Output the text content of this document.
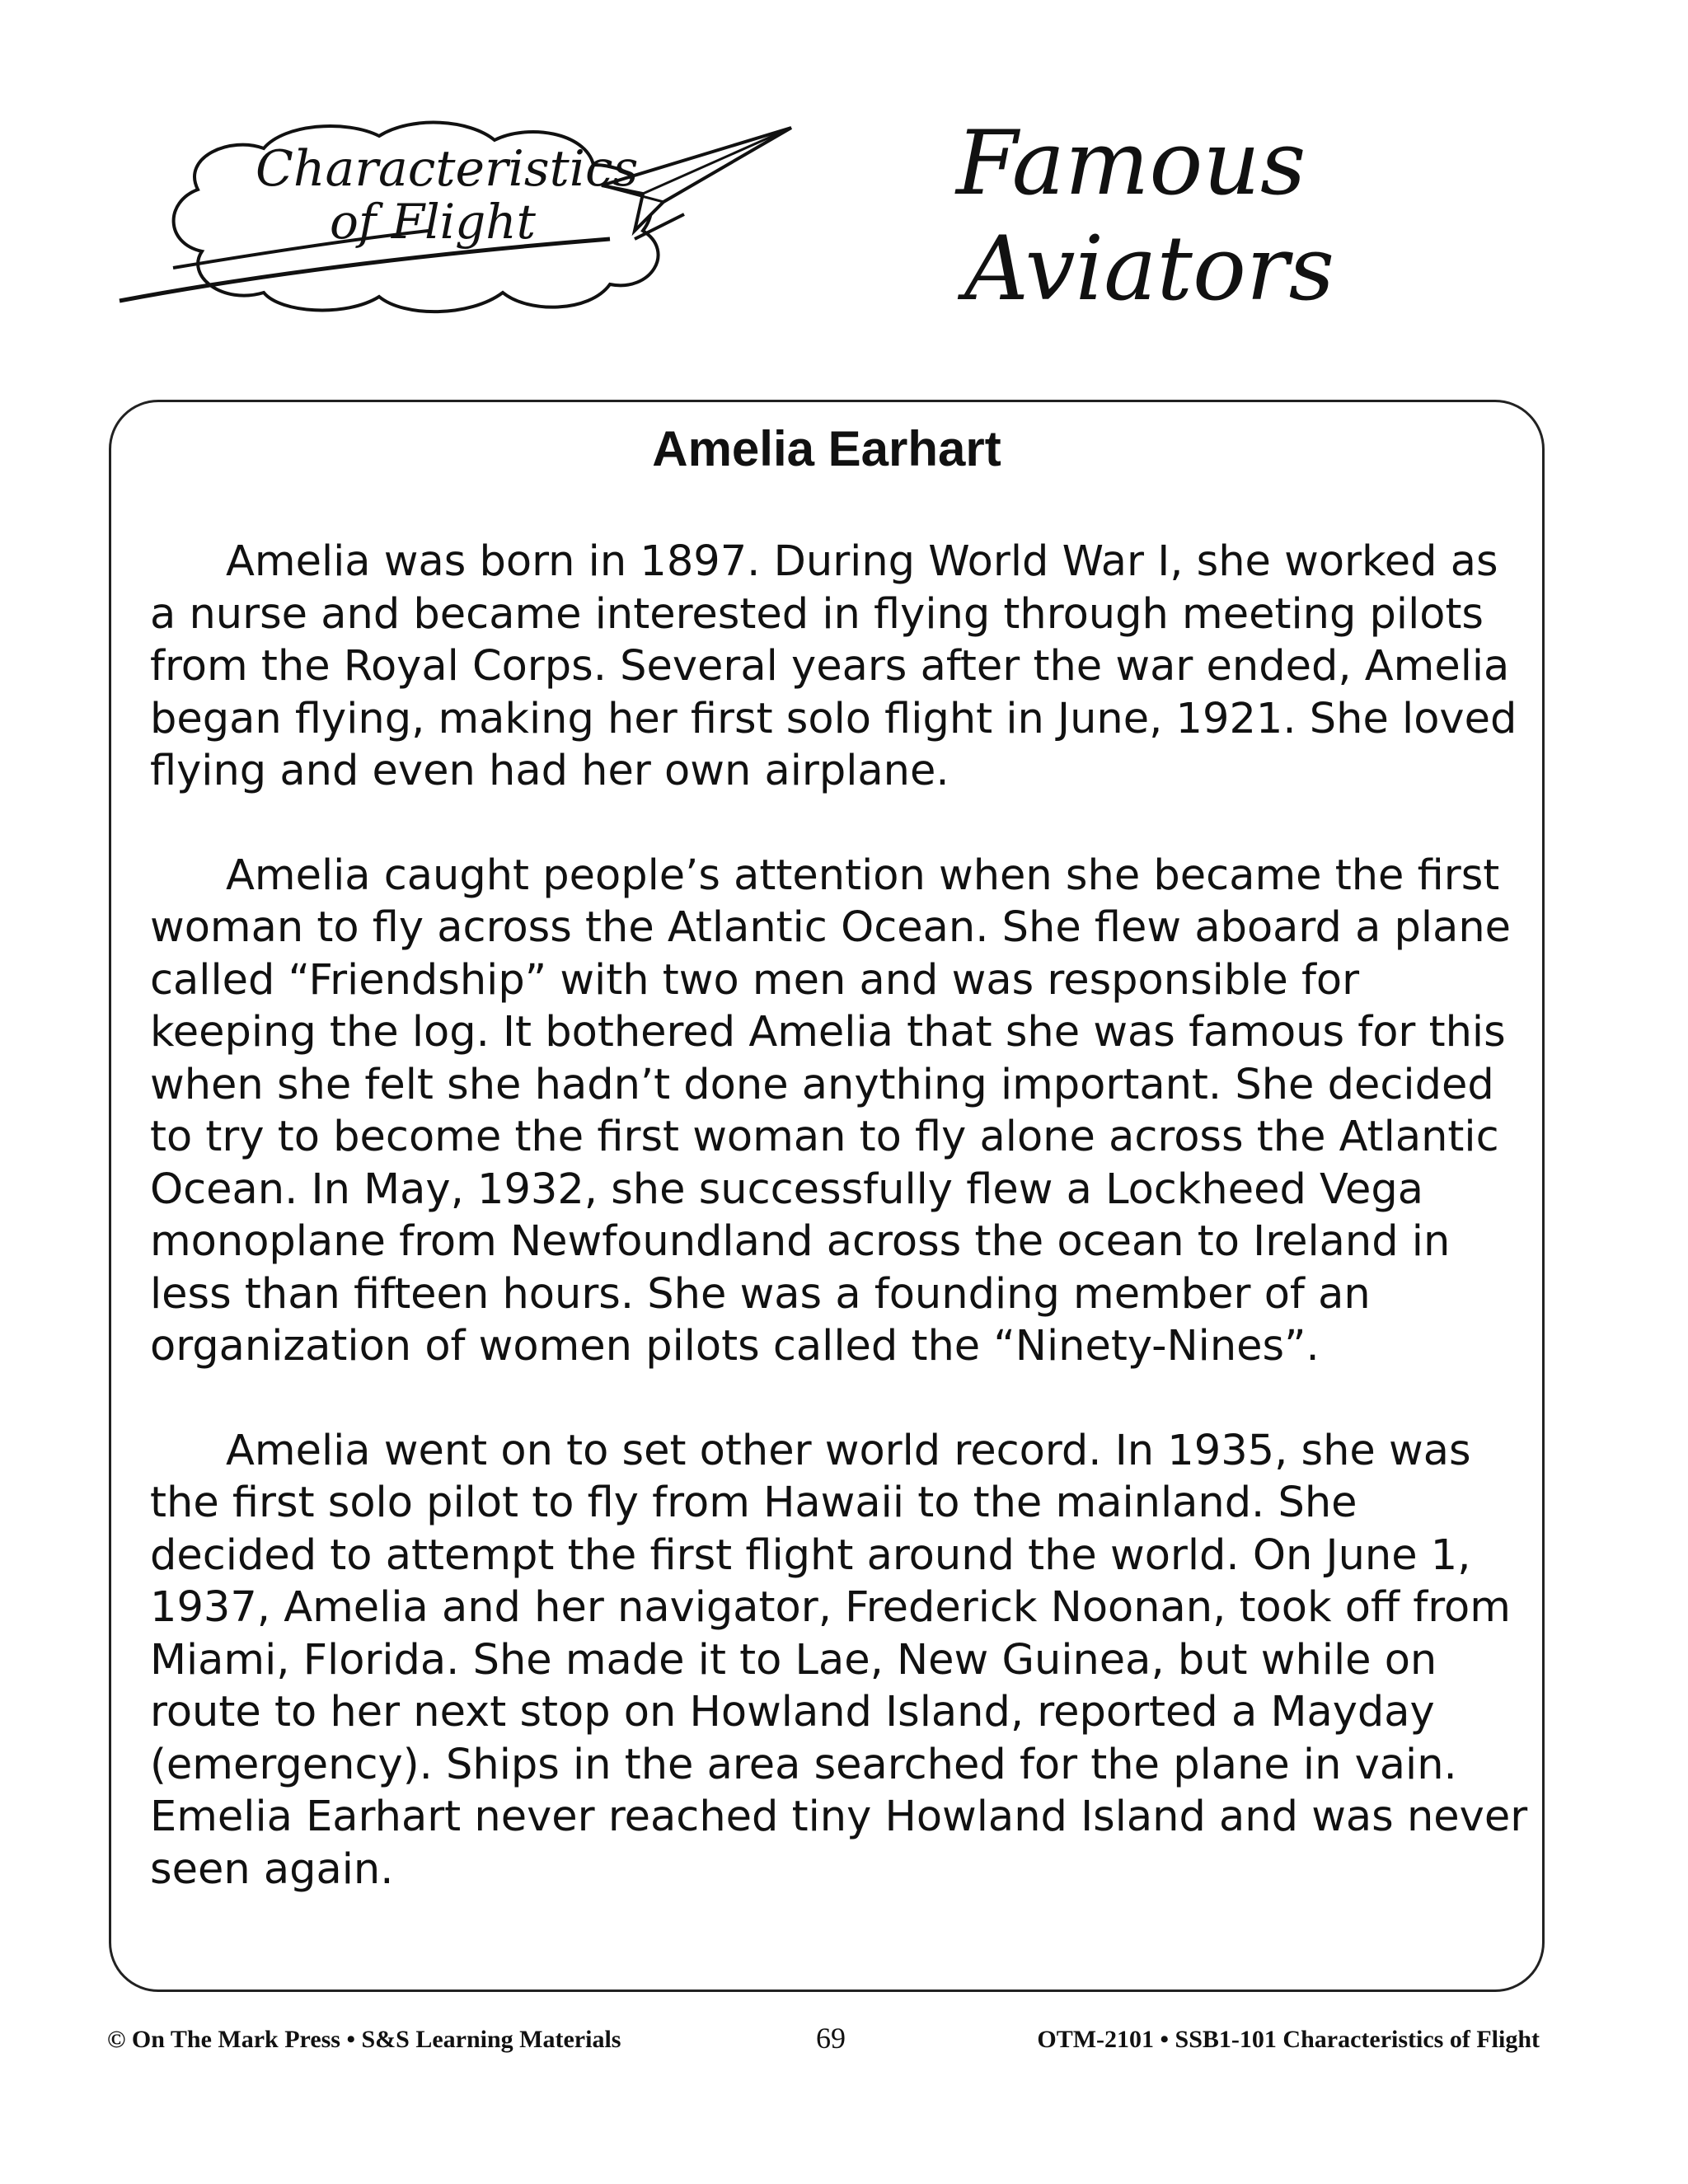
Characteristics
of Flight
Famous
Aviators
Amelia Earhart

Amelia was born in 1897. During World War I, she worked as a nurse and became interested in flying through meeting pilots from the Royal Corps. Several years after the war ended, Amelia began flying, making her first solo flight in June, 1921. She loved flying and even had her own airplane.

Amelia caught people’s attention when she became the first woman to fly across the Atlantic Ocean. She flew aboard a plane called “Friendship” with two men and was responsible for keeping the log. It bothered Amelia that she was famous for this when she felt she hadn’t done anything important. She decided to try to become the first woman to fly alone across the Atlantic Ocean. In May, 1932, she successfully flew a Lockheed Vega monoplane from Newfoundland across the ocean to Ireland in less than fifteen hours. She was a founding member of an organization of women pilots called the “Ninety-Nines”.

Amelia went on to set other world record. In 1935, she was the first solo pilot to fly from Hawaii to the mainland. She decided to attempt the first flight around the world. On June 1, 1937, Amelia and her navigator, Frederick Noonan, took off from Miami, Florida. She made it to Lae, New Guinea, but while on route to her next stop on Howland Island, reported a Mayday (emergency). Ships in the area searched for the plane in vain. Emelia Earhart never reached tiny Howland Island and was never seen again.

© On The Mark Press • S&S Learning Materials	69	OTM-2101 • SSB1-101 Characteristics of Flight
